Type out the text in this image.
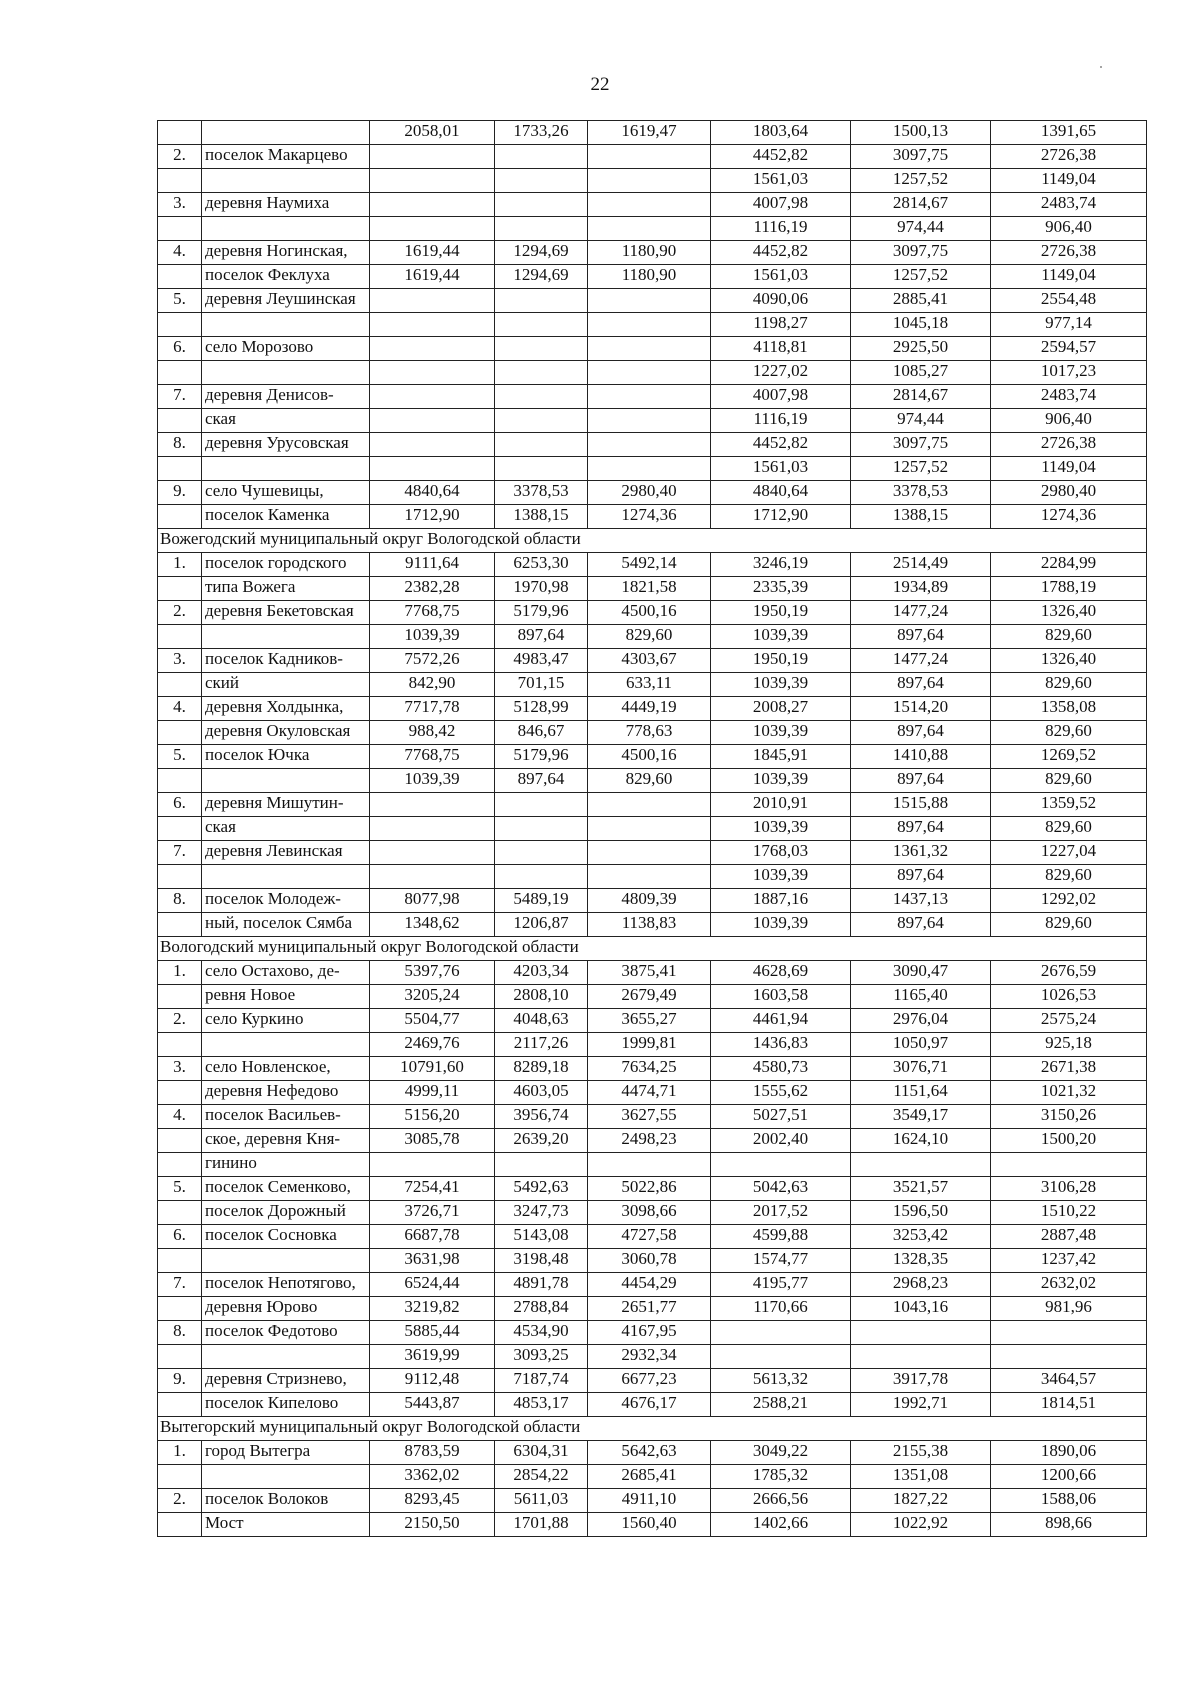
22
		2058,01	1733,26	1619,47	1803,64	1500,13	1391,65
2.	поселок Макарцево				4452,82	3097,75	2726,38
					1561,03	1257,52	1149,04
3.	деревня Наумиха				4007,98	2814,67	2483,74
					1116,19	974,44	906,40
4.	деревня Ногинская,	1619,44	1294,69	1180,90	4452,82	3097,75	2726,38
	поселок Феклуха	1619,44	1294,69	1180,90	1561,03	1257,52	1149,04
5.	деревня Леушинская				4090,06	2885,41	2554,48
					1198,27	1045,18	977,14
6.	село Морозово				4118,81	2925,50	2594,57
					1227,02	1085,27	1017,23
7.	деревня Денисов-				4007,98	2814,67	2483,74
	ская				1116,19	974,44	906,40
8.	деревня Урусовская				4452,82	3097,75	2726,38
					1561,03	1257,52	1149,04
9.	село Чушевицы,	4840,64	3378,53	2980,40	4840,64	3378,53	2980,40
	поселок Каменка	1712,90	1388,15	1274,36	1712,90	1388,15	1274,36
Вожегодский муниципальный округ Вологодской области							
1.	поселок городского	9111,64	6253,30	5492,14	3246,19	2514,49	2284,99
	типа Вожега	2382,28	1970,98	1821,58	2335,39	1934,89	1788,19
2.	деревня Бекетовская	7768,75	5179,96	4500,16	1950,19	1477,24	1326,40
		1039,39	897,64	829,60	1039,39	897,64	829,60
3.	поселок Кадников-	7572,26	4983,47	4303,67	1950,19	1477,24	1326,40
	ский	842,90	701,15	633,11	1039,39	897,64	829,60
4.	деревня Холдынка,	7717,78	5128,99	4449,19	2008,27	1514,20	1358,08
	деревня Окуловская	988,42	846,67	778,63	1039,39	897,64	829,60
5.	поселок Ючка	7768,75	5179,96	4500,16	1845,91	1410,88	1269,52
		1039,39	897,64	829,60	1039,39	897,64	829,60
6.	деревня Мишутин-				2010,91	1515,88	1359,52
	ская				1039,39	897,64	829,60
7.	деревня Левинская				1768,03	1361,32	1227,04
					1039,39	897,64	829,60
8.	поселок Молодеж-	8077,98	5489,19	4809,39	1887,16	1437,13	1292,02
	ный, поселок Сямба	1348,62	1206,87	1138,83	1039,39	897,64	829,60
Вологодский муниципальный округ Вологодской области							
1.	село Остахово, де-	5397,76	4203,34	3875,41	4628,69	3090,47	2676,59
	ревня Новое	3205,24	2808,10	2679,49	1603,58	1165,40	1026,53
2.	село Куркино	5504,77	4048,63	3655,27	4461,94	2976,04	2575,24
		2469,76	2117,26	1999,81	1436,83	1050,97	925,18
3.	село Новленское,	10791,60	8289,18	7634,25	4580,73	3076,71	2671,38
	деревня Нефедово	4999,11	4603,05	4474,71	1555,62	1151,64	1021,32
4.	поселок Васильев-	5156,20	3956,74	3627,55	5027,51	3549,17	3150,26
	ское, деревня Кня-	3085,78	2639,20	2498,23	2002,40	1624,10	1500,20
	гинино						
5.	поселок Семенково,	7254,41	5492,63	5022,86	5042,63	3521,57	3106,28
	поселок Дорожный	3726,71	3247,73	3098,66	2017,52	1596,50	1510,22
6.	поселок Сосновка	6687,78	5143,08	4727,58	4599,88	3253,42	2887,48
		3631,98	3198,48	3060,78	1574,77	1328,35	1237,42
7.	поселок Непотягово,	6524,44	4891,78	4454,29	4195,77	2968,23	2632,02
	деревня Юрово	3219,82	2788,84	2651,77	1170,66	1043,16	981,96
8.	поселок Федотово	5885,44	4534,90	4167,95			
		3619,99	3093,25	2932,34			
9.	деревня Стризнево,	9112,48	7187,74	6677,23	5613,32	3917,78	3464,57
	поселок Кипелово	5443,87	4853,17	4676,17	2588,21	1992,71	1814,51
Вытегорский муниципальный округ Вологодской области							
1.	город Вытегра	8783,59	6304,31	5642,63	3049,22	2155,38	1890,06
		3362,02	2854,22	2685,41	1785,32	1351,08	1200,66
2.	поселок Волоков	8293,45	5611,03	4911,10	2666,56	1827,22	1588,06
	Мост	2150,50	1701,88	1560,40	1402,66	1022,92	898,66
